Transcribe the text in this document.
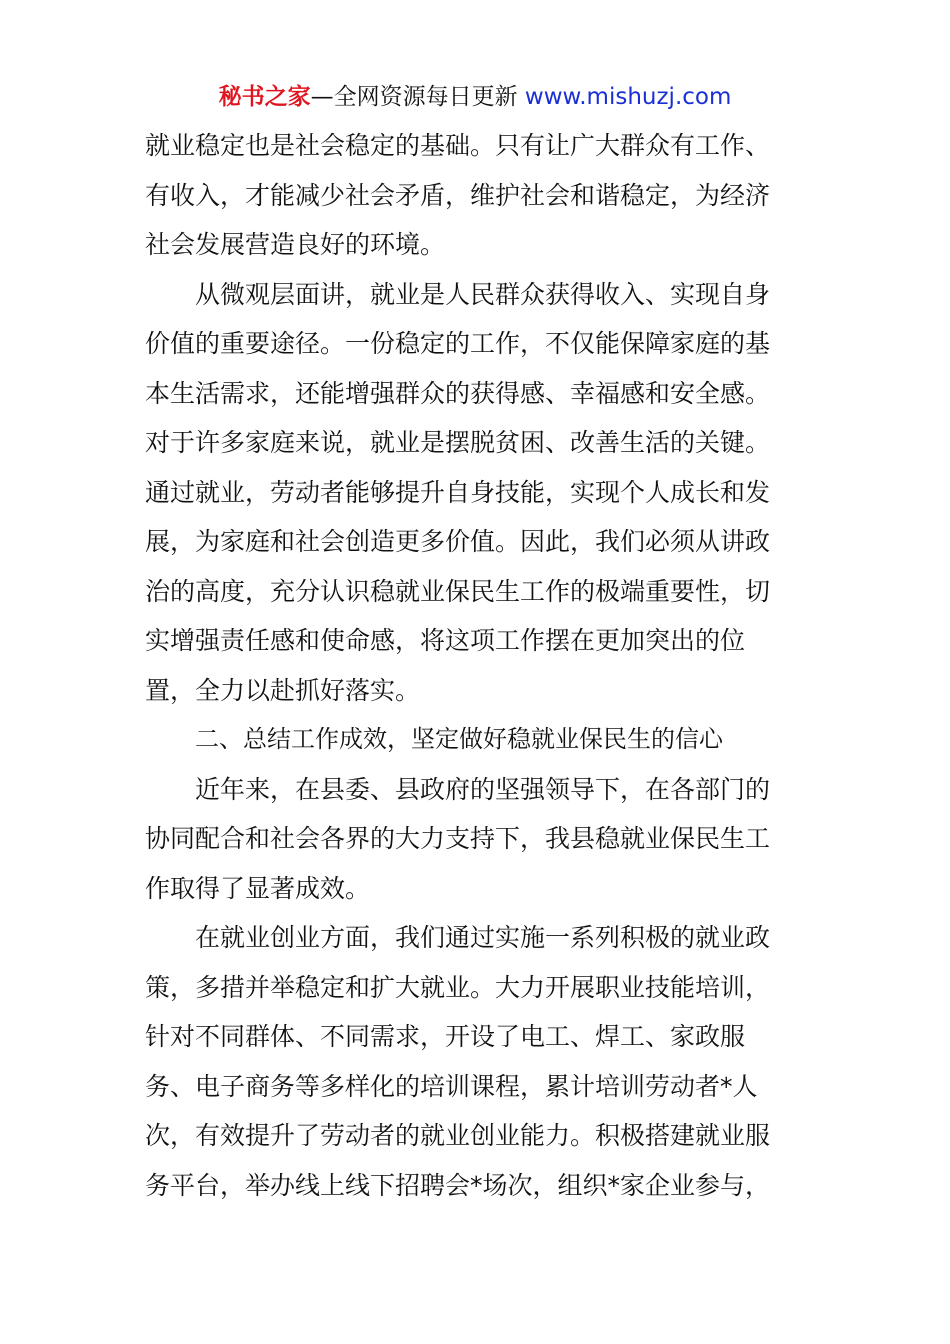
秘书之家—全网资源每日更新 www.mishuzj.com
就业稳定也是社会稳定的基础。只有让广大群众有工作、
有收入，才能减少社会矛盾，维护社会和谐稳定，为经济
社会发展营造良好的环境。
从微观层面讲，就业是人民群众获得收入、实现自身
价值的重要途径。一份稳定的工作，不仅能保障家庭的基
本生活需求，还能增强群众的获得感、幸福感和安全感。
对于许多家庭来说，就业是摆脱贫困、改善生活的关键。
通过就业，劳动者能够提升自身技能，实现个人成长和发
展，为家庭和社会创造更多价值。因此，我们必须从讲政
治的高度，充分认识稳就业保民生工作的极端重要性，切
实增强责任感和使命感，将这项工作摆在更加突出的位
置，全力以赴抓好落实。
二、总结工作成效，坚定做好稳就业保民生的信心
近年来，在县委、县政府的坚强领导下，在各部门的
协同配合和社会各界的大力支持下，我县稳就业保民生工
作取得了显著成效。
在就业创业方面，我们通过实施一系列积极的就业政
策，多措并举稳定和扩大就业。大力开展职业技能培训，
针对不同群体、不同需求，开设了电工、焊工、家政服
务、电子商务等多样化的培训课程，累计培训劳动者*人
次，有效提升了劳动者的就业创业能力。积极搭建就业服
务平台，举办线上线下招聘会*场次，组织*家企业参与，
